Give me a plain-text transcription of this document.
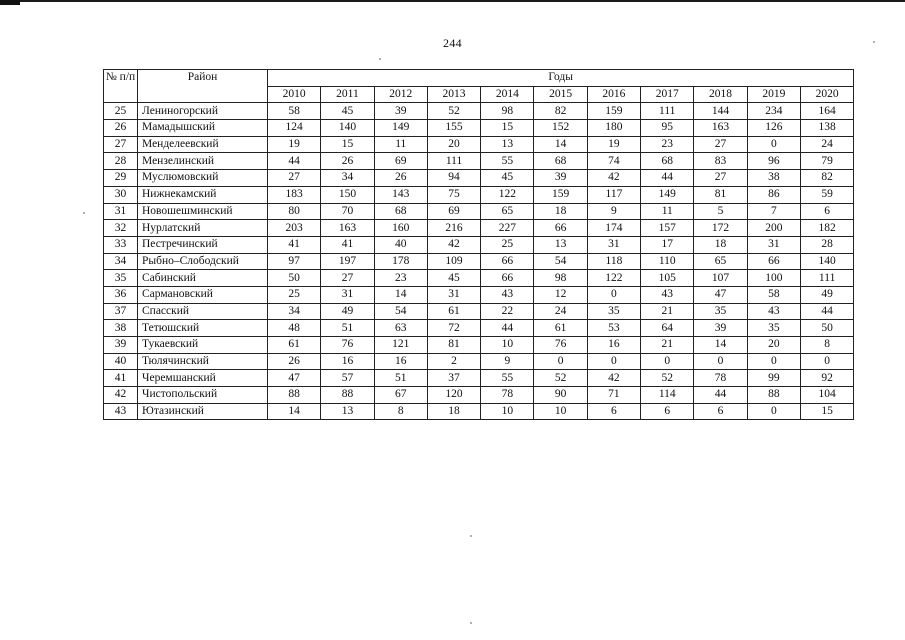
244
№ п/п	Район	Годы										
		2010	2011	2012	2013	2014	2015	2016	2017	2018	2019	2020
25	Лениногорский	58	45	39	52	98	82	159	111	144	234	164
26	Мамадышский	124	140	149	155	15	152	180	95	163	126	138
27	Менделеевский	19	15	11	20	13	14	19	23	27	0	24
28	Мензелинский	44	26	69	111	55	68	74	68	83	96	79
29	Муслюмовский	27	34	26	94	45	39	42	44	27	38	82
30	Нижнекамский	183	150	143	75	122	159	117	149	81	86	59
31	Новошешминский	80	70	68	69	65	18	9	11	5	7	6
32	Нурлатский	203	163	160	216	227	66	174	157	172	200	182
33	Пестречинский	41	41	40	42	25	13	31	17	18	31	28
34	Рыбно–Слободский	97	197	178	109	66	54	118	110	65	66	140
35	Сабинский	50	27	23	45	66	98	122	105	107	100	111
36	Сармановский	25	31	14	31	43	12	0	43	47	58	49
37	Спасский	34	49	54	61	22	24	35	21	35	43	44
38	Тетюшский	48	51	63	72	44	61	53	64	39	35	50
39	Тукаевский	61	76	121	81	10	76	16	21	14	20	8
40	Тюлячинский	26	16	16	2	9	0	0	0	0	0	0
41	Черемшанский	47	57	51	37	55	52	42	52	78	99	92
42	Чистопольский	88	88	67	120	78	90	71	114	44	88	104
43	Ютазинский	14	13	8	18	10	10	6	6	6	0	15
